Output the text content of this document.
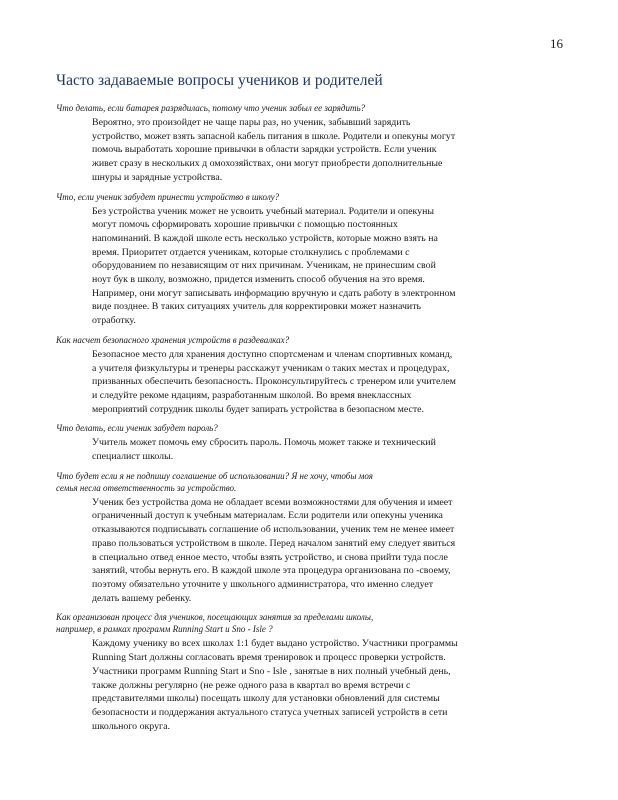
16
Часто задаваемые вопросы учеников и родителей
Что делать, если батарея разрядилась, потому что ученик забыл ее зарядить?
Вероятно, это произойдет не чаще пары раз, но ученик, забывший зарядить
устройство, может взять запасной кабель питания в школе. Родители и опекуны могут
помочь выработать хорошие привычки в области зарядки устройств. Если ученик
живет сразу в нескольких д омохозяйствах, они могут приобрести дополнительные
шнуры и зарядные устройства.
Что, если ученик забудет принести устройство в школу?
Без устройства ученик может не усвоить учебный материал. Родители и опекуны
могут помочь сформировать хорошие привычки с помощью постоянных
напоминаний. В каждой школе есть несколько устройств, которые можно взять на
время. Приоритет отдается ученикам, которые столкнулись с проблемами с
оборудованием по независящим от них причинам. Ученикам, не принесшим свой
ноут бук в школу, возможно, придется изменить способ обучения на это время.
Например, они могут записывать информацию вручную и сдать работу в электронном
виде позднее. В таких ситуациях учитель для корректировки может назначить
отработку.
Как насчет безопасного хранения устройств в раздевалках?
Безопасное место для хранения доступно спортсменам и членам спортивных команд,
а учителя физкультуры и тренеры расскажут ученикам о таких местах и процедурах,
призванных обеспечить безопасность. Проконсультируйтесь с тренером или учителем
и следуйте рекоме ндациям, разработанным школой. Во время внеклассных
мероприятий сотрудник школы будет запирать устройства в безопасном месте.
Что делать, если ученик забудет пароль?
Учитель может помочь ему сбросить пароль. Помочь может также и технический
специалист школы.
Что будет если я не подпишу соглашение об использовании? Я не хочу, чтобы моя
семья несла ответственность за устройство.
Ученик без устройства дома не обладает всеми возможностями для обучения и имеет
ограниченный доступ к учебным материалам. Если родители или опекуны ученика
отказываются подписывать соглашение об использовании, ученик тем не менее имеет
право пользоваться устройством в школе. Перед началом занятий ему следует явиться
в специально отвед енное место, чтобы взять устройство, и снова прийти туда после
занятий, чтобы вернуть его. В каждой школе эта процедура организована по -своему,
поэтому обязательно уточните у школьного администратора, что именно следует
делать вашему ребенку.
Как организован процесс для учеников, посещающих занятия за пределами школы,
например, в рамках программ Running Start и Sno - Isle ?
Каждому ученику во всех школах 1:1 будет выдано устройство. Участники программы
Running Start должны согласовать время тренировок и процесс проверки устройств.
Участники программ Running Start и Sno - Isle , занятые в них полный учебный день,
также должны регулярно (не реже одного раза в квартал во время встречи с
представителями школы) посещать школу для установки обновлений для системы
безопасности и поддержания актуального статуса учетных записей устройств в сети
школьного округа.
